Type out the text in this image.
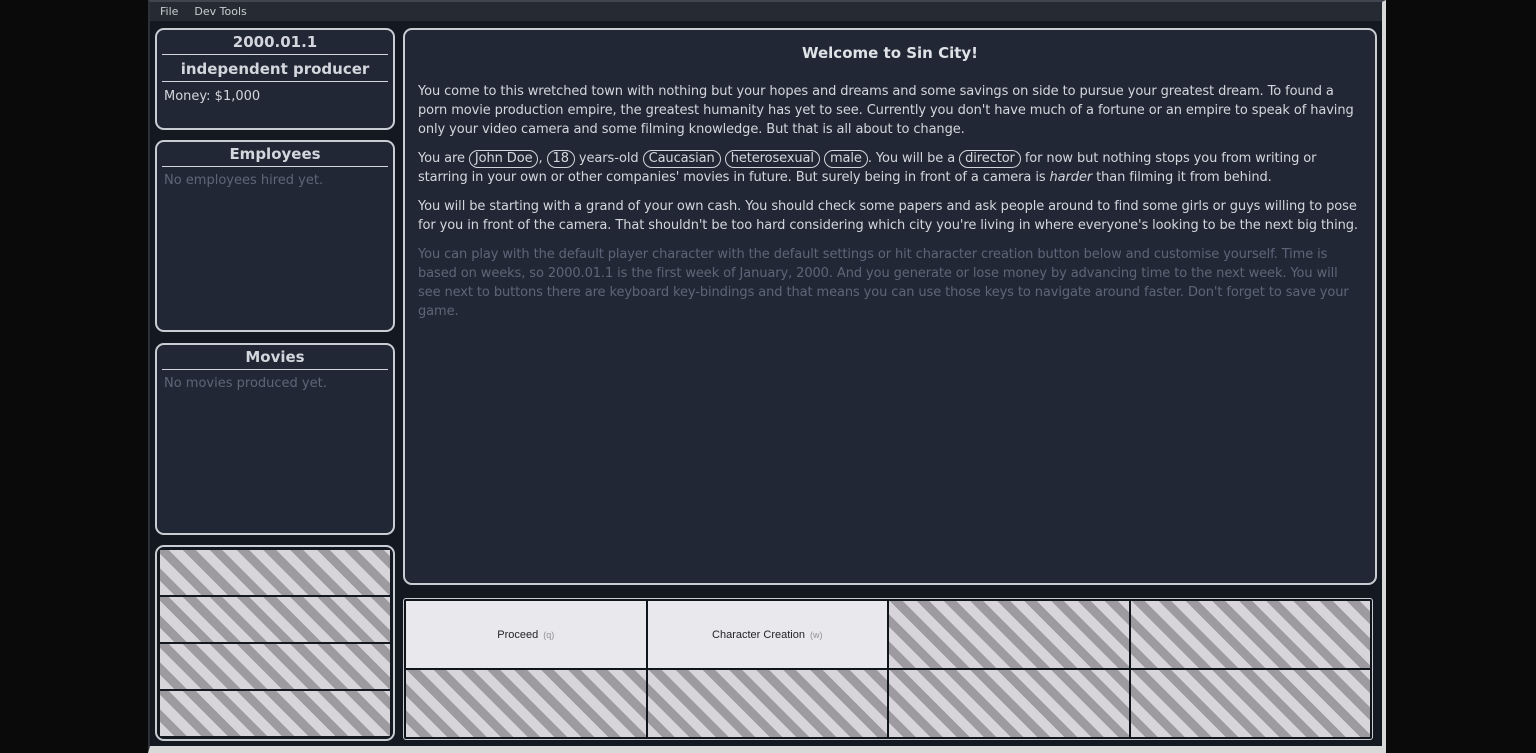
File Dev Tools
2000.01.1
independent producer
Money: $1,000
Employees
No employees hired yet.
Movies
No movies produced yet.
Welcome to Sin City!

You come to this wretched town with nothing but your hopes and dreams and some savings on side to pursue your greatest dream. To found a porn movie production empire, the greatest humanity has yet to see. Currently you don't have much of a fortune or an empire to speak of having only your video camera and some filming knowledge. But that is all about to change.

You are John Doe , 18 years-old Caucasian heterosexual male . You will be a director for now but nothing stops you from writing or starring in your own or other companies' movies in future. But surely being in front of a camera is harder than filming it from behind.

You will be starting with a grand of your own cash. You should check some papers and ask people around to find some girls or guys willing to pose for you in front of the camera. That shouldn't be too hard considering which city you're living in where everyone's looking to be the next big thing.

You can play with the default player character with the default settings or hit character creation button below and customise yourself. Time is based on weeks, so 2000.01.1 is the first week of January, 2000. And you generate or lose money by advancing time to the next week. You will see next to buttons there are keyboard key-bindings and that means you can use those keys to navigate around faster. Don't forget to save your game.

Proceed (q)	Character Creation (w)
